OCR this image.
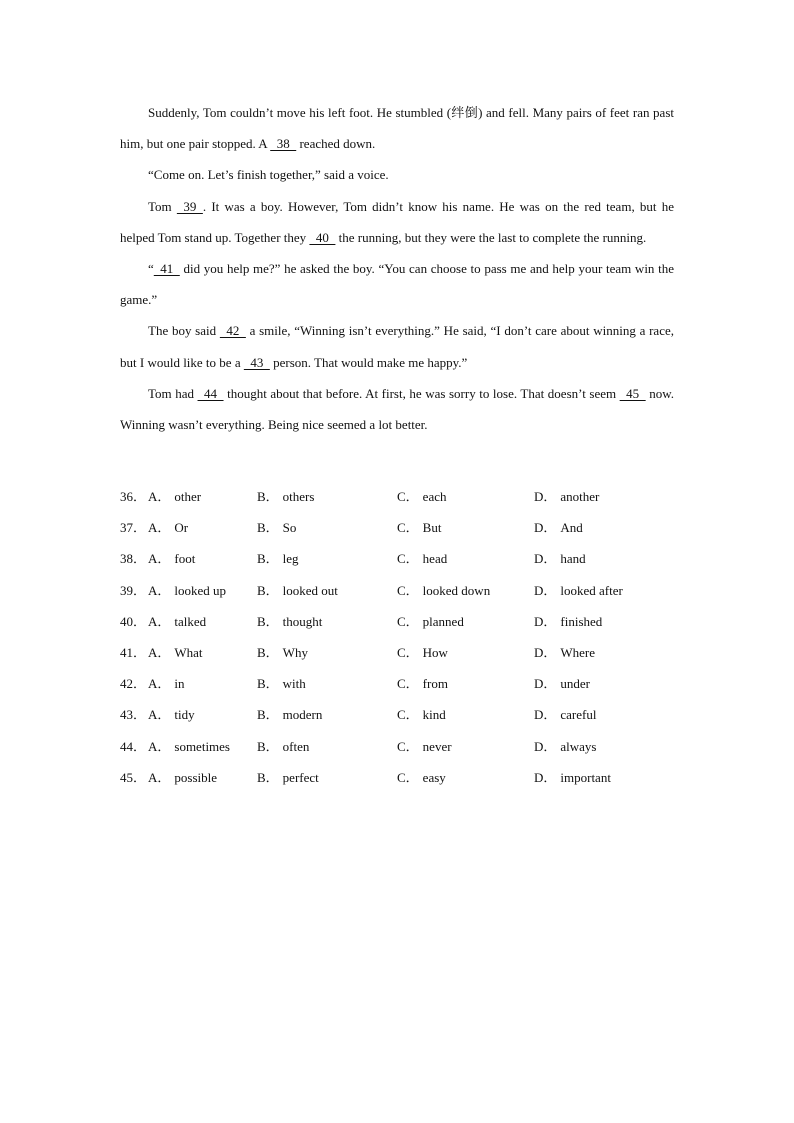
Suddenly, Tom couldn’t move his left foot. He stumbled (绊倒) and fell. Many pairs of feet ran past him, but one pair stopped. A   38   reached down.

“Come on. Let’s finish together,” said a voice.

Tom   39  . It was a boy. However, Tom didn’t know his name. He was on the red team, but he helped Tom stand up. Together they   40   the running, but they were the last to complete the running.

“  41   did you help me?” he asked the boy. “You can choose to pass me and help your team win the game.”

The boy said   42   a smile, “Winning isn’t everything.” He said, “I don’t care about winning a race, but I would like to be a   43   person. That would make me happy.”

Tom had   44   thought about that before. At first, he was sorry to lose. That doesn’t seem   45   now. Winning wasn’t everything. Being nice seemed a lot better.

36． A． other	B． others	C． each	D． another
37． A． Or	B． So	C． But	D． And
38． A． foot	B． leg	C． head	D． hand
39． A． looked up B． looked out	C． looked down	D． looked after
40． A． talked	B． thought	C． planned	D． finished
41． A． What	B． Why	C． How	D． Where
42． A． in	B． with	C． from	D． under
43． A． tidy	B． modern	C． kind	D． careful
44． A． sometimes B． often	C． never	D． always
45． A． possible	B． perfect	C． easy	D． important
